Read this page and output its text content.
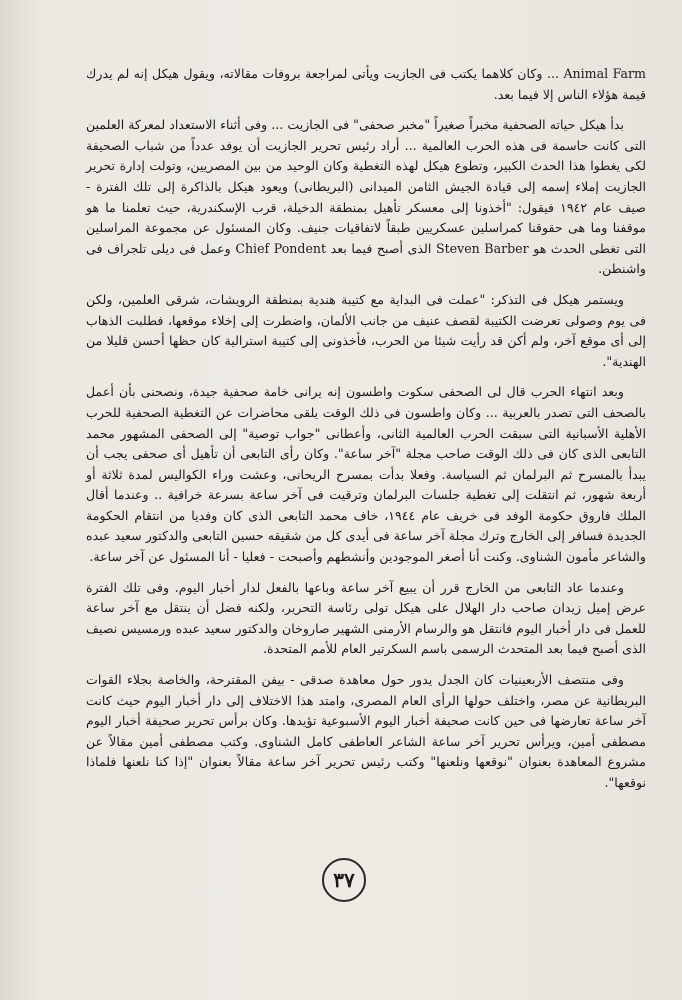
Animal Farm ... وكان كلاهما يكتب فى الجازيت ويأتى لمراجعة بروفات مقالاته، ويقول هيكل إنه لم يدرك قيمة هؤلاء الناس إلا فيما بعد.

بدأ هيكل حياته الصحفية مخبراً صغيراً "مخبر صحفى" فى الجازيت ... وفى أثناء الاستعداد لمعركة العلمين التى كانت حاسمة فى هذه الحرب العالمية ... أراد رئيس تحرير الجازيت أن يوفد عدداً من شباب الصحيفة لكى يغطوا هذا الحدث الكبير، وتطوع هيكل لهذه التغطية وكان الوحيد من بين المصريين، وتولت إدارة تحرير الجازيت إملاء إسمه إلى قيادة الجيش الثامن الميدانى (البريطانى) ويعود هيكل بالذاكرة إلى تلك الفترة - صيف عام ١٩٤٢ فيقول: "أخذونا إلى معسكر تأهيل بمنطقة الدخيلة، قرب الإسكندرية، حيث تعلمنا ما هو موقفنا وما هى حقوقنا كمراسلين عسكريين طبقاً لاتفاقيات جنيف. وكان المسئول عن مجموعة المراسلين التى تغطى الحدث هو Steven Barber الذى أصبح فيما بعد Chief Pondent وعمل فى ديلى تلجراف فى واشنطن.

ويستمر هيكل فى التذكر: "عملت فى البداية مع كتيبة هندية بمنطقة الرويشات، شرقى العلمين، ولكن فى يوم وصولى تعرضت الكتيبة لقصف عنيف من جانب الألمان، واضطرت إلى إخلاء موقعها، فطلبت الذهاب إلى أى موقع آخر، ولم أكن قد رأيت شيئا من الحرب، فأخذونى إلى كتيبة استرالية كان حظها أحسن قليلا من الهندية".

وبعد انتهاء الحرب قال لى الصحفى سكوت واطسون إنه يرانى خامة صحفية جيدة، ونصحنى بأن أعمل بالصحف التى تصدر بالعربية ... وكان واطسون فى ذلك الوقت يلقى محاضرات عن التغطية الصحفية للحرب الأهلية الأسبانية التى سبقت الحرب العالمية الثانى، وأعطانى "جواب توصية" إلى الصحفى المشهور محمد التابعى الذى كان فى ذلك الوقت صاحب مجلة "آخر ساعة". وكان رأى التابعى أن تأهيل أى صحفى يجب أن يبدأ بالمسرح ثم البرلمان ثم السياسة. وفعلا بدأت بمسرح الريحانى، وعشت وراء الكواليس لمدة ثلاثة أو أربعة شهور، ثم انتقلت إلى تغطية جلسات البرلمان وترقيت فى آخر ساعة بسرعة خرافية .. وعندما أقال الملك فاروق حكومة الوفد فى خريف عام ١٩٤٤، خاف محمد التابعى الذى كان وفديا من انتقام الحكومة الجديدة فسافر إلى الخارج وترك مجلة آخر ساعة فى أيدى كل من شقيقه حسين التابعى والدكتور سعيد عبده والشاعر مأمون الشناوى. وكنت أنا أصغر الموجودين وأنشطهم وأصبحت - فعليا - أنا المسئول عن آخر ساعة.

وعندما عاد التابعى من الخارج قرر أن يبيع آخر ساعة وباعها بالفعل لدار أخبار اليوم. وفى تلك الفترة عرض إميل زيدان صاحب دار الهلال على هيكل تولى رئاسة التحرير، ولكنه فضل أن ينتقل مع آخر ساعة للعمل فى دار أخبار اليوم فانتقل هو والرسام الأرمنى الشهير صاروخان والدكتور سعيد عبده ورمسيس نصيف الذى أصبح فيما بعد المتحدث الرسمى باسم السكرتير العام للأمم المتحدة.

وفى منتصف الأربعينيات كان الجدل يدور حول معاهدة صدقى - بيفن المقترحة، والخاصة بجلاء القوات البريطانية عن مصر، واختلف حولها الرأى العام المصرى، وامتد هذا الاختلاف إلى دار أخبار اليوم حيث كانت آخر ساعة تعارضها فى حين كانت صحيفة أخبار اليوم الأسبوعية تؤيدها. وكان برأس تحرير صحيفة أخبار اليوم مصطفى أمين، ويرأس تحرير آخر ساعة الشاعر العاطفى كامل الشناوى. وكتب مصطفى أمين مقالاً عن مشروع المعاهدة بعنوان "نوقعها ونلعنها" وكتب رئيس تحرير آخر ساعة مقالاً بعنوان "إذا كنا نلعنها فلماذا نوقعها".

٣٧
